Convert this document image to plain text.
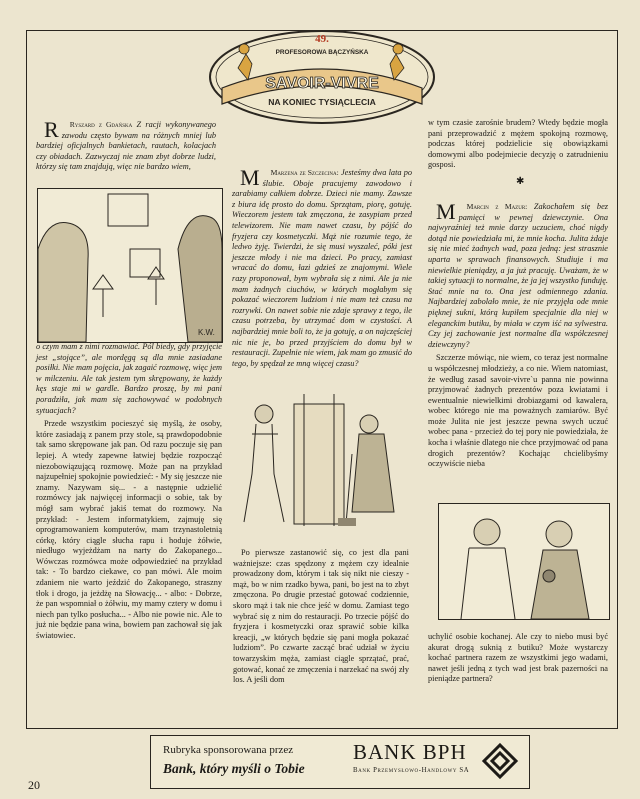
49.
PROFESOROWA BĄCZYŃSKA
SAVOIR-VIVRE
NA KONIEC TYSIĄCLECIA

R Ryszard z Gdańska Z racji wykonywanego zawodu często bywam na różnych mniej lub bardziej oficjalnych bankietach, rautach, kolacjach czy obiadach. Zazwyczaj nie znam zbyt dobrze ludzi, którzy się tam znajdują, więc nie bardzo wiem,

K.W.

o czym mam z nimi rozmawiać. Pól biedy, gdy przyjęcie jest „stojące”, ale mordęgą są dla mnie zasiadane posiłki. Nie mam pojęcia, jak zagaić rozmowę, więc jem w milczeniu. Ale tak jestem tym skrępowany, że każdy kęs staje mi w gardle. Bardzo proszę, by mi pani poradziła, jak mam się zachowywać w podobnych sytuacjach?

Przede wszystkim pocieszyć się myślą, że osoby, które zasiadają z panem przy stole, są prawdopodobnie tak samo skrępowane jak pan. Od razu poczuje się pan lepiej. A wtedy zapewne łatwiej będzie rozpocząć niezobowiązującą rozmowę. Może pan na przykład najzupełniej spokojnie powiedzieć: - My się jeszcze nie znamy. Nazywam się... - a następnie udzielić rozmówcy jak najwięcej informacji o sobie, tak by mógł sam wybrać jakiś temat do rozmowy. Na przykład: - Jestem informatykiem, zajmuję się oprogramowaniem komputerów, mam trzynastoletnią córkę, który ciągle słucha rapu i hoduje żółwie, niedługo wyjeżdżam na narty do Zakopanego... Wówczas rozmówca może odpowiedzieć na przykład tak: - To bardzo ciekawe, co pan mówi. Ale moim zdaniem nie warto jeździć do Zakopanego, straszny tłok i drogo, ja jeżdżę na Słowację... - albo: - Dobrze, że pan wspomniał o żółwiu, my mamy cztery w domu i niech pan tylko posłucha... - Albo nie powie nic. Ale to już nie będzie pana wina, bowiem pan zachował się jak światowiec.

M Marzena ze Szczecina: Jesteśmy dwa lata po ślubie. Oboje pracujemy zawodowo i zarabiamy całkiem dobrze. Dzieci nie mamy. Zawsze z biura idę prosto do domu. Sprzątam, piorę, gotuję. Wieczorem jestem tak zmęczona, że zasypiam przed telewizorem. Nie mam nawet czasu, by pójść do fryzjera czy kosmetyczki. Mąż nie rozumie tego, że ledwo żyję. Twierdzi, że się musi wyszaleć, póki jest jeszcze młody i nie ma dzieci. Po pracy, zamiast wracać do domu, łazi gdzieś ze znajomymi. Wiele razy proponował, bym wybrała się z nimi. Ale ja nie mam żadnych ciuchów, w których mogłabym się pokazać wieczorem ludziom i nie mam też czasu na rozrywki. On nawet sobie nie zdaje sprawy z tego, ile czasu potrzeba, by utrzymać dom w czystości. A najbardziej mnie boli to, że ja gotuję, a on najczęściej nic nie je, bo przed przyjściem do domu był w restauracji. Zupełnie nie wiem, jak mam go zmusić do tego, by spędzał ze mną więcej czasu?

Po pierwsze zastanowić się, co jest dla pani ważniejsze: czas spędzony z mężem czy idealnie prowadzony dom, którym i tak się nikt nie cieszy - mąż, bo w nim rzadko bywa, pani, bo jest na to zbyt zmęczona. Po drugie przestać gotować codziennie, skoro mąż i tak nie chce jeść w domu. Zamiast tego wybrać się z nim do restauracji. Po trzecie pójść do fryzjera i kosmetyczki oraz sprawić sobie kilka kreacji, „w których będzie się pani mogła pokazać ludziom”. Po czwarte zacząć brać udział w życiu towarzyskim męża, zamiast ciągle sprzątać, prać, gotować, konać ze zmęczenia i narzekać na swój zły los. A jeśli dom

w tym czasie zarośnie brudem? Wtedy będzie mogła pani przeprowadzić z mężem spokojną rozmowę, podczas której podzielicie się obowiązkami domowymi albo podejmiecie decyzję o zatrudnieniu gosposi.

✱

M Marcin z Mazur: Zakochałem się bez pamięci w pewnej dziewczynie. Ona najwyraźniej też mnie darzy uczuciem, choć nigdy dotąd nie powiedziała mi, że mnie kocha. Julita żdaje się nie mieć żadnych wad, poza jedną: jest strasznie uparta w sprawach finansowych. Studiuje i ma niewielkie pieniądzy, a ja już pracuję. Uważam, że w takiej sytuacji to normalne, że ja jej wszystko funduję. Stać mnie na to. Ona jest odmiennego zdania. Najbardziej zabolało mnie, że nie przyjęła ode mnie pięknej sukni, którą kupiłem specjalnie dla niej w eleganckim butiku, by miała w czym iść na sylwestra. Czy jej zachowanie jest normalne dla współczesnej dziewczyny?

Szczerze mówiąc, nie wiem, co teraz jest normalne u współczesnej młodzieży, a co nie. Wiem natomiast, że według zasad savoir-vivre`u panna nie powinna przyjmować żadnych prezentów poza kwiatami i ewentualnie niewielkimi drobiazgami od kawalera, wobec którego nie ma poważnych zamiarów. Być może Julita nie jest jeszcze pewna swych uczuć wobec pana - przecież do tej pory nie powiedziała, że kocha i właśnie dlatego nie chce przyjmować od pana drogich prezentów? Kochając chcielibyśmy oczywiście nieba

uchylić osobie kochanej. Ale czy to niebo musi być akurat drogą suknią z butiku? Może wystarczy kochać partnera razem ze wszystkimi jego wadami, nawet jeśli jedną z tych wad jest brak pazerności na pieniądze partnera?

Rubryka sponsorowana przez
Bank, który myśli o Tobie
BANK BPH
Bank Przemysłowo-Handlowy SA
20
